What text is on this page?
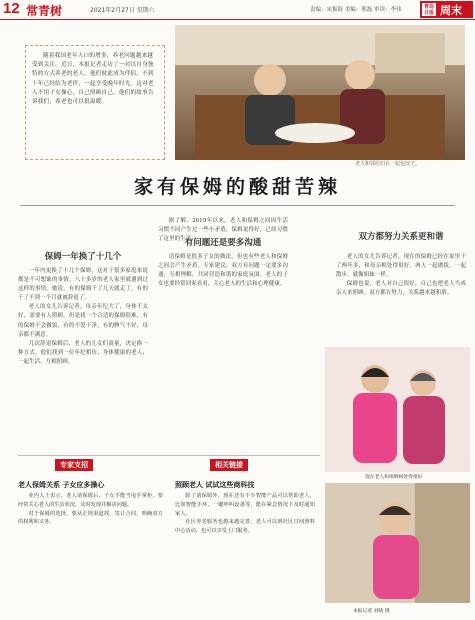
12 常青树	2021年2月27日 星期六	责编：宋振海 美编：邢磊 审读：李伟	青岛日报 周末

随着我国老年人口的增多，养老问题越来越受到关注。近日，本报记者走访了一对以自身独特的方式养老的老人，他们彼此成为伴侣，不到十年已经结为老伴，一起享受晚年时光。这对老人不用子女操心，自己照顾自己。他们的故事告诉我们，养老也可以很温暖。

老人和邻居们在一起包饺子。
家有保姆的酸甜苦辣
保姆一年换了十几个
有问题还是要多沟通
双方都努力关系更和谐

一年内更换了十几个保姆，这对于很多家庭来说都是不可想象的事情。八十多岁的老人家里就遇到过这样的事情。她说，有的保姆干了几天就走了，有的干了不到一个月就被辞退了。

老人的女儿告诉记者，母亲年纪大了，身体不太好，需要有人照顾。但是找一个合适的保姆很难，有的保姆不会做饭，有的不爱干净，有的脾气不好，母亲都不满意。

几次辞退保姆后，老人的儿女们商量，决定换一种方式。他们找到一位年纪相仿、身体健康的老人，一起生活、互相照顾。

据了解，2019年以来，老人和保姆之间因生活习惯不同产生过一些小矛盾，保姆说得好，已经习惯了这里的生活。

请保姆是很多子女的做法，但也有些老人和保姆之间会产生矛盾。专家建议，双方有问题一定要多沟通，互相理解，共同营造和谐的家庭氛围。老人的子女也要经常回家看看，关心老人的生活和心理健康。

老人的女儿告诉记者，现在的保姆已经在家里干了两年多，和母亲相处得很好。两人一起做饭、一起散步，就像姐妹一样。

保姆也说，老人对自己很好，自己也把老人当成亲人来照顾。双方都在努力，关系越来越和谐。

现在老人和保姆相处得很好
专家支招	相关链接
老人保姆关系 子女应多操心

业内人士表示，老人请保姆后，子女不能当甩手掌柜，要经常关心老人的生活状况，及时发现并解决问题。

对于保姆的选择，要从正规渠道找，签订合同，明确双方的权利和义务。

照顾老人 试试这些商科技

除了请保姆外，现在还有不少智能产品可以帮助老人，比如智能手环、一键呼叫设备等，能在紧急情况下及时通知家人。

社区养老服务也越来越完善，老人可以到社区日间照料中心活动，也可以享受上门服务。

本报记者 刘晓 摄
